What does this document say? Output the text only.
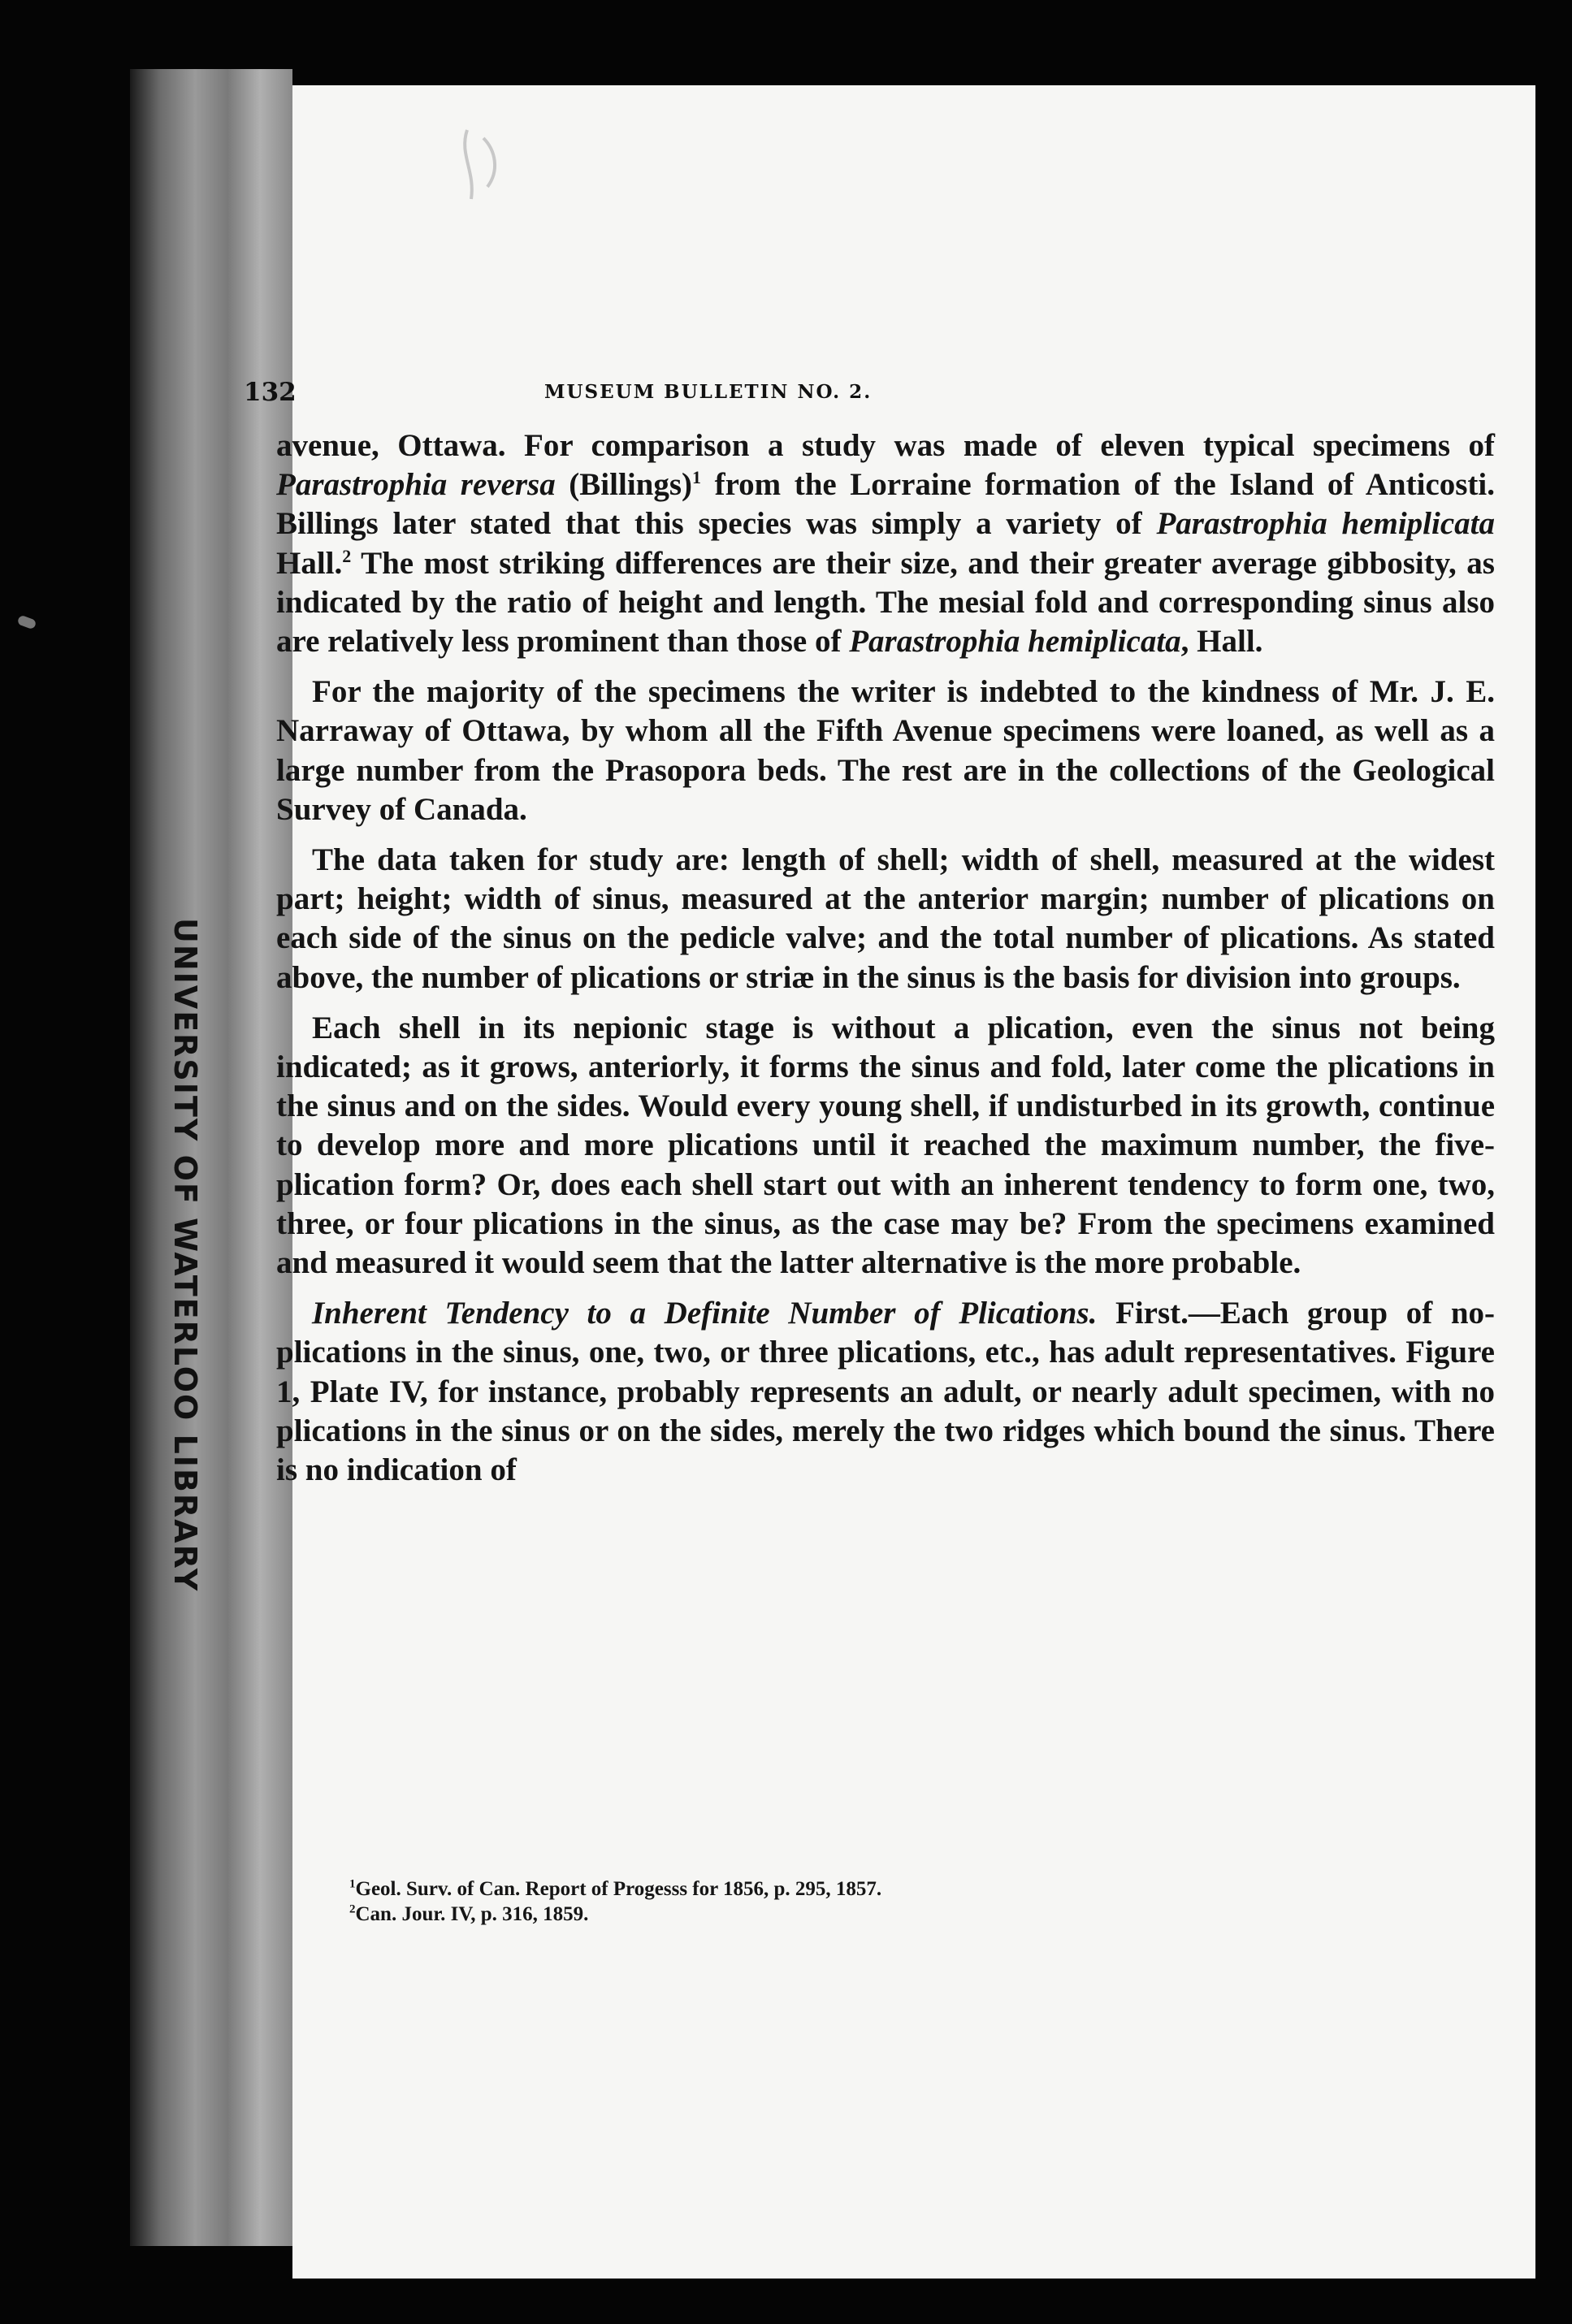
UNIVERSITY OF WATERLOO LIBRARY
132	MUSEUM BULLETIN NO. 2.

avenue, Ottawa. For comparison a study was made of eleven typical specimens of Parastrophia reversa (Billings)$^1$ from the Lorraine formation of the Island of Anticosti. Billings later stated that this species was simply a variety of Parastrophia hemiplicata Hall.$^2$ The most striking differences are their size, and their greater average gibbosity, as indicated by the ratio of height and length. The mesial fold and corresponding sinus also are relatively less prominent than those of Parastrophia hemiplicata, Hall.

For the majority of the specimens the writer is indebted to the kindness of Mr. J. E. Narraway of Ottawa, by whom all the Fifth Avenue specimens were loaned, as well as a large number from the Prasopora beds. The rest are in the collections of the Geological Survey of Canada.

The data taken for study are: length of shell; width of shell, measured at the widest part; height; width of sinus, measured at the anterior margin; number of plications on each side of the sinus on the pedicle valve; and the total number of plications. As stated above, the number of plications or striæ in the sinus is the basis for division into groups.

Each shell in its nepionic stage is without a plication, even the sinus not being indicated; as it grows, anteriorly, it forms the sinus and fold, later come the plications in the sinus and on the sides. Would every young shell, if undisturbed in its growth, continue to develop more and more plications until it reached the maximum number, the five-plication form? Or, does each shell start out with an inherent tendency to form one, two, three, or four plications in the sinus, as the case may be? From the specimens examined and measured it would seem that the latter alternative is the more probable.

Inherent Tendency to a Definite Number of Plications. First.—Each group of no-plications in the sinus, one, two, or three plications, etc., has adult representatives. Figure 1, Plate IV, for instance, probably represents an adult, or nearly adult specimen, with no plications in the sinus or on the sides, merely the two ridges which bound the sinus. There is no indication of

$^1$Geol. Surv. of Can. Report of Progesss for 1856, p. 295, 1857.
$^2$Can. Jour. IV, p. 316, 1859.
